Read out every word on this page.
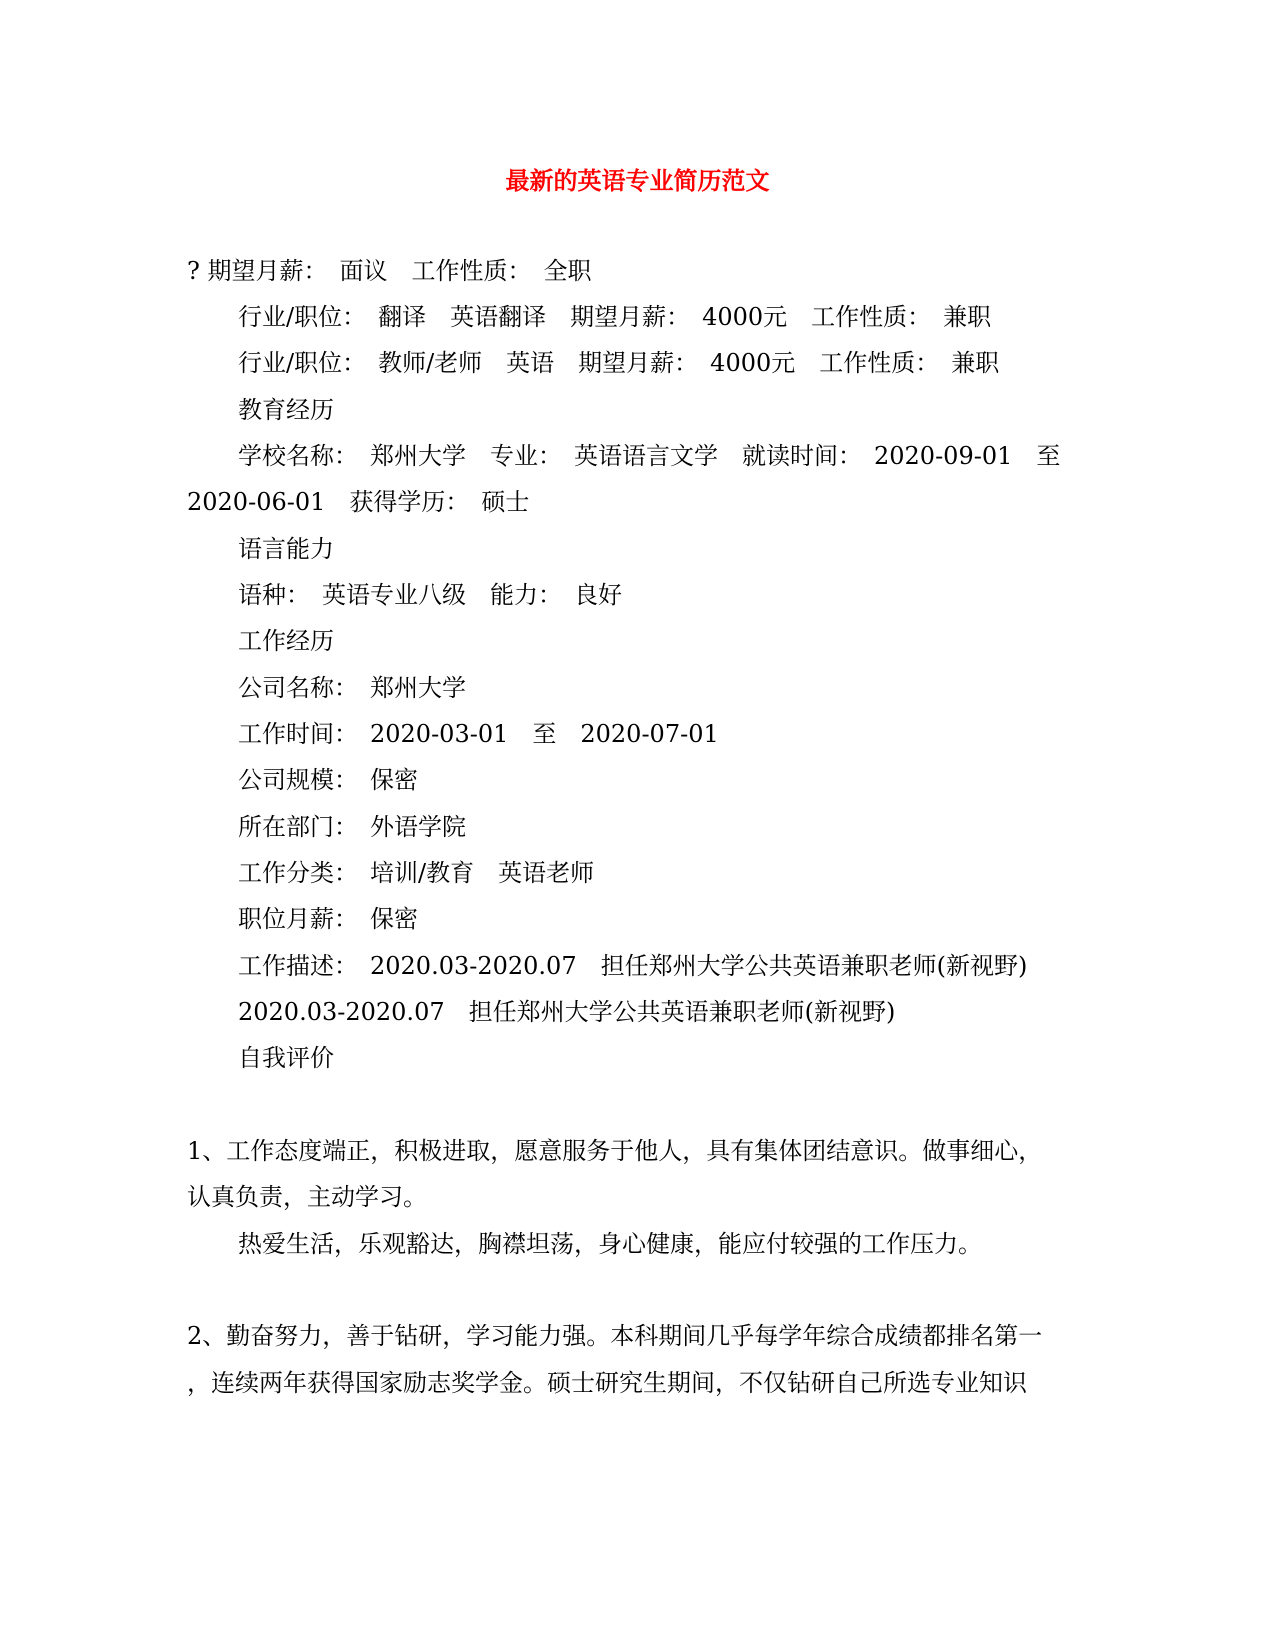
最新的英语专业简历范文
? 期望月薪：　面议　工作性质：　全职
行业/职位：　翻译　英语翻译　期望月薪：　4000元　工作性质：　兼职
行业/职位：　教师/老师　英语　期望月薪：　4000元　工作性质：　兼职
教育经历
学校名称：　郑州大学　专业：　英语语言文学　就读时间：　2020-09-01　至
2020-06-01　获得学历：　硕士
语言能力
语种：　英语专业八级　能力：　良好
工作经历
公司名称：　郑州大学
工作时间：　2020-03-01　至　2020-07-01
公司规模：　保密
所在部门：　外语学院
工作分类：　培训/教育　英语老师
职位月薪：　保密
工作描述：　2020.03-2020.07　担任郑州大学公共英语兼职老师(新视野)
2020.03-2020.07　担任郑州大学公共英语兼职老师(新视野)
自我评价
1、工作态度端正，积极进取，愿意服务于他人，具有集体团结意识。做事细心，
认真负责，主动学习。
热爱生活，乐观豁达，胸襟坦荡，身心健康，能应付较强的工作压力。
2、勤奋努力，善于钻研，学习能力强。本科期间几乎每学年综合成绩都排名第一
，连续两年获得国家励志奖学金。硕士研究生期间，不仅钻研自己所选专业知识
